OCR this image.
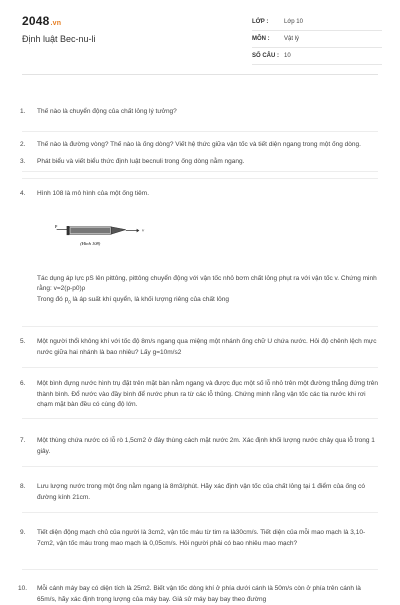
2048.vn
Định luật Bec-nu-li
LỚP :	Lớp 10
MÔN :	Vật lý
SỐ CÂU : 10
1.	Thế nào là chuyển động của chất lỏng lý tưởng?
2.	Thế nào là đường vòng? Thế nào là ống dòng? Viết hệ thức giữa vận tốc và tiết diện ngang trong một ống dòng.
3.	Phát biểu và viết biểu thức định luật becnuli trong ống dòng nằm ngang.
4.	Hình 108 là mô hình của một ống tiêm.
P
v
(Hình 108)

Tác dụng áp lực pS lên pittông, pittông chuyển động với vận tốc nhỏ bơm chất lỏng phụt ra với vận tốc v. Chứng minh rằng: v=2(p-p0)ρ

Trong đó $p_0$ là áp suất khí quyển, là khối lượng riêng của chất lỏng

5.	Một người thổi không khí với tốc độ 8m/s ngang qua miệng một nhánh ống chữ U chứa nước. Hỏi độ chênh lệch mực nước giữa hai nhánh là bao nhiêu? Lấy g=10m/s2
6.	Một bình đựng nước hình trụ đặt trên mặt bàn nằm ngang và được đục một số lỗ nhỏ trên một đường thẳng đứng trên thành bình. Đổ nước vào đầy bình để nước phun ra từ các lỗ thủng. Chứng minh rằng vận tốc các tia nước khi rơi chạm mặt bàn đều có cùng độ lớn.
7.	Một thùng chứa nước có lỗ rò 1,5cm2 ở đáy thùng cách mặt nước 2m. Xác định khối lượng nước chảy qua lỗ trong 1 giây.
8.	Lưu lượng nước trong một ống nằm ngang là 8m3/phút. Hãy xác định vận tốc của chất lỏng tại 1 điểm của ống có đường kính 21cm.
9.	Tiết diện động mạch chủ của người là 3cm2, vận tốc máu từ tim ra là30cm/s. Tiết diện của mỗi mao mạch là 3,10-7cm2, vận tốc máu trong mao mạch là 0,05cm/s. Hỏi người phải có bao nhiêu mao mạch?
10.	Mỗi cánh máy bay có diện tích là 25m2. Biết vận tốc dòng khí ở phía dưới cánh là 50m/s còn ở phía trên cánh là 65m/s, hãy xác định trọng lượng của máy bay. Giả sử máy bay bay theo đường
